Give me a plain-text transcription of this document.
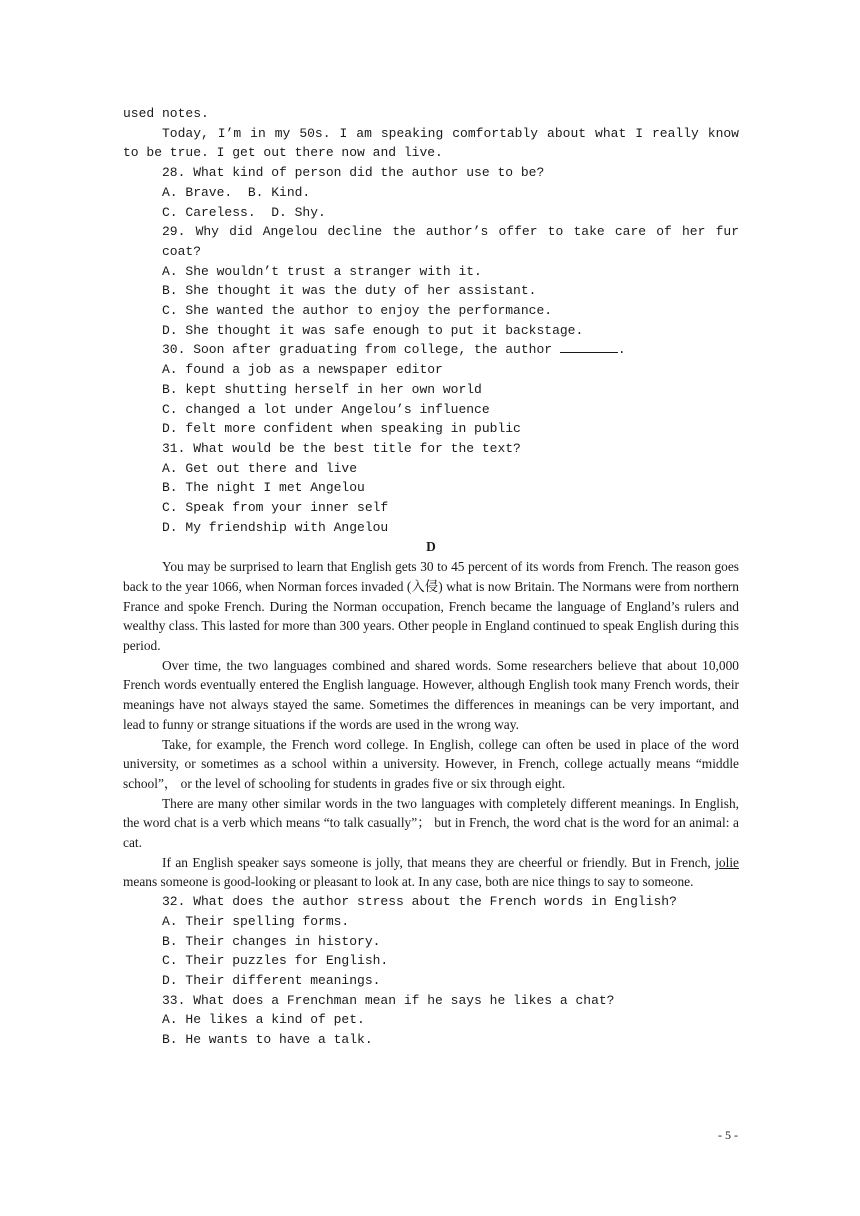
used notes.

Today, I’m in my 50s. I am speaking comfortably about what I really know to be true. I get out there now and live.

28. What kind of person did the author use to be?

A. Brave.  B. Kind.

C. Careless.  D. Shy.

29. Why did Angelou decline the author’s offer to take care of her fur coat?

A. She wouldn’t trust a stranger with it.

B. She thought it was the duty of her assistant.

C. She wanted the author to enjoy the performance.

D. She thought it was safe enough to put it backstage.

30. Soon after graduating from college, the author	.

A. found a job as a newspaper editor

B. kept shutting herself in her own world

C. changed a lot under Angelou’s influence

D. felt more confident when speaking in public

31. What would be the best title for the text?

A. Get out there and live

B. The night I met Angelou

C. Speak from your inner self

D. My friendship with Angelou

D

You may be surprised to learn that English gets 30 to 45 percent of its words from French. The reason goes back to the year 1066, when Norman forces invaded (入侵) what is now Britain. The Normans were from northern France and spoke French. During the Norman occupation, French became the language of England’s rulers and wealthy class. This lasted for more than 300 years. Other people in England continued to speak English during this period.

Over time, the two languages combined and shared words. Some researchers believe that about 10,000 French words eventually entered the English language. However, although English took many French words, their meanings have not always stayed the same. Sometimes the differences in meanings can be very important, and lead to funny or strange situations if the words are used in the wrong way.

Take, for example, the French word college. In English, college can often be used in place of the word university, or sometimes as a school within a university. However, in French, college actually means “middle school”， or the level of schooling for students in grades five or six through eight.

There are many other similar words in the two languages with completely different meanings. In English, the word chat is a verb which means “to talk casually”； but in French, the word chat is the word for an animal: a cat.

If an English speaker says someone is jolly, that means they are cheerful or friendly. But in French, jolie means someone is good-looking or pleasant to look at. In any case, both are nice things to say to someone.

32. What does the author stress about the French words in English?

A. Their spelling forms.

B. Their changes in history.

C. Their puzzles for English.

D. Their different meanings.

33. What does a Frenchman mean if he says he likes a chat?

A. He likes a kind of pet.

B. He wants to have a talk.

- 5 -
